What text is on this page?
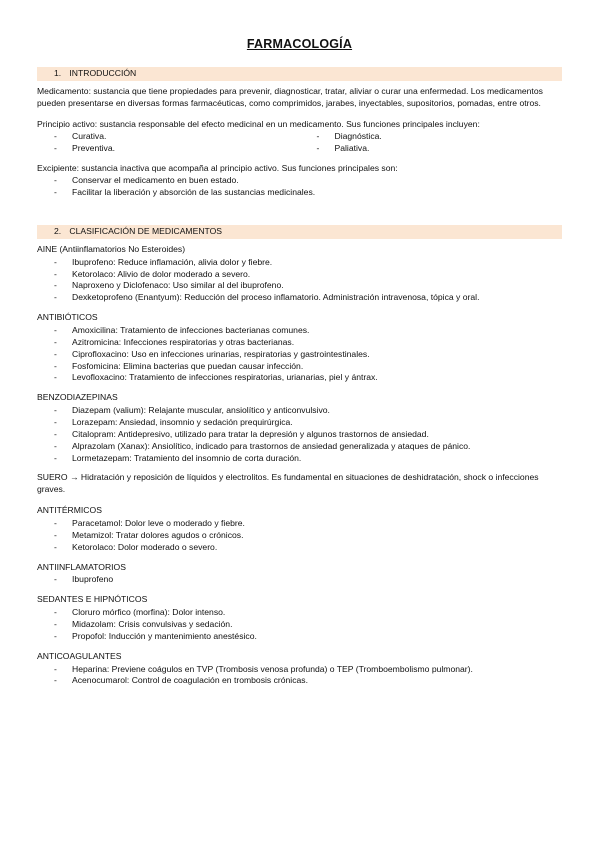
FARMACOLOGÍA
1. INTRODUCCIÓN

Medicamento: sustancia que tiene propiedades para prevenir, diagnosticar, tratar, aliviar o curar una enfermedad. Los medicamentos pueden presentarse en diversas formas farmacéuticas, como comprimidos, jarabes, inyectables, supositorios, pomadas, entre otros.

Principio activo: sustancia responsable del efecto medicinal en un medicamento. Sus funciones principales incluyen:

- Curativa.
- Preventiva.
- Diagnóstica.
- Paliativa.

Excipiente: sustancia inactiva que acompaña al principio activo. Sus funciones principales son:

- Conservar el medicamento en buen estado.
- Facilitar la liberación y absorción de las sustancias medicinales.
2. CLASIFICACIÓN DE MEDICAMENTOS
AINE (Antiinflamatorios No Esteroides)
- Ibuprofeno: Reduce inflamación, alivia dolor y fiebre.
- Ketorolaco: Alivio de dolor moderado a severo.
- Naproxeno y Diclofenaco: Uso similar al del ibuprofeno.
- Dexketoprofeno (Enantyum): Reducción del proceso inflamatorio. Administración intravenosa, tópica y oral.
ANTIBIÓTICOS
- Amoxicilina: Tratamiento de infecciones bacterianas comunes.
- Azitromicina: Infecciones respiratorias y otras bacterianas.
- Ciprofloxacino: Uso en infecciones urinarias, respiratorias y gastrointestinales.
- Fosfomicina: Elimina bacterias que puedan causar infección.
- Levofloxacino: Tratamiento de infecciones respiratorias, urianarias, piel y ántrax.
BENZODIAZEPINAS
- Diazepam (valium): Relajante muscular, ansiolítico y anticonvulsivo.
- Lorazepam: Ansiedad, insomnio y sedación prequirúrgica.
- Citalopram: Antidepresivo, utilizado para tratar la depresión y algunos trastornos de ansiedad.
- Alprazolam (Xanax): Ansiolítico, indicado para trastornos de ansiedad generalizada y ataques de pánico.
- Lormetazepam: Tratamiento del insomnio de corta duración.

SUERO → Hidratación y reposición de líquidos y electrolitos. Es fundamental en situaciones de deshidratación, shock o infecciones graves.

ANTITÉRMICOS
- Paracetamol: Dolor leve o moderado y fiebre.
- Metamizol: Tratar dolores agudos o crónicos.
- Ketorolaco: Dolor moderado o severo.
ANTIINFLAMATORIOS
- Ibuprofeno
SEDANTES E HIPNÓTICOS
- Cloruro mórfico (morfina): Dolor intenso.
- Midazolam: Crisis convulsivas y sedación.
- Propofol: Inducción y mantenimiento anestésico.
ANTICOAGULANTES
- Heparina: Previene coágulos en TVP (Trombosis venosa profunda) o TEP (Tromboembolismo pulmonar).
- Acenocumarol: Control de coagulación en trombosis crónicas.
